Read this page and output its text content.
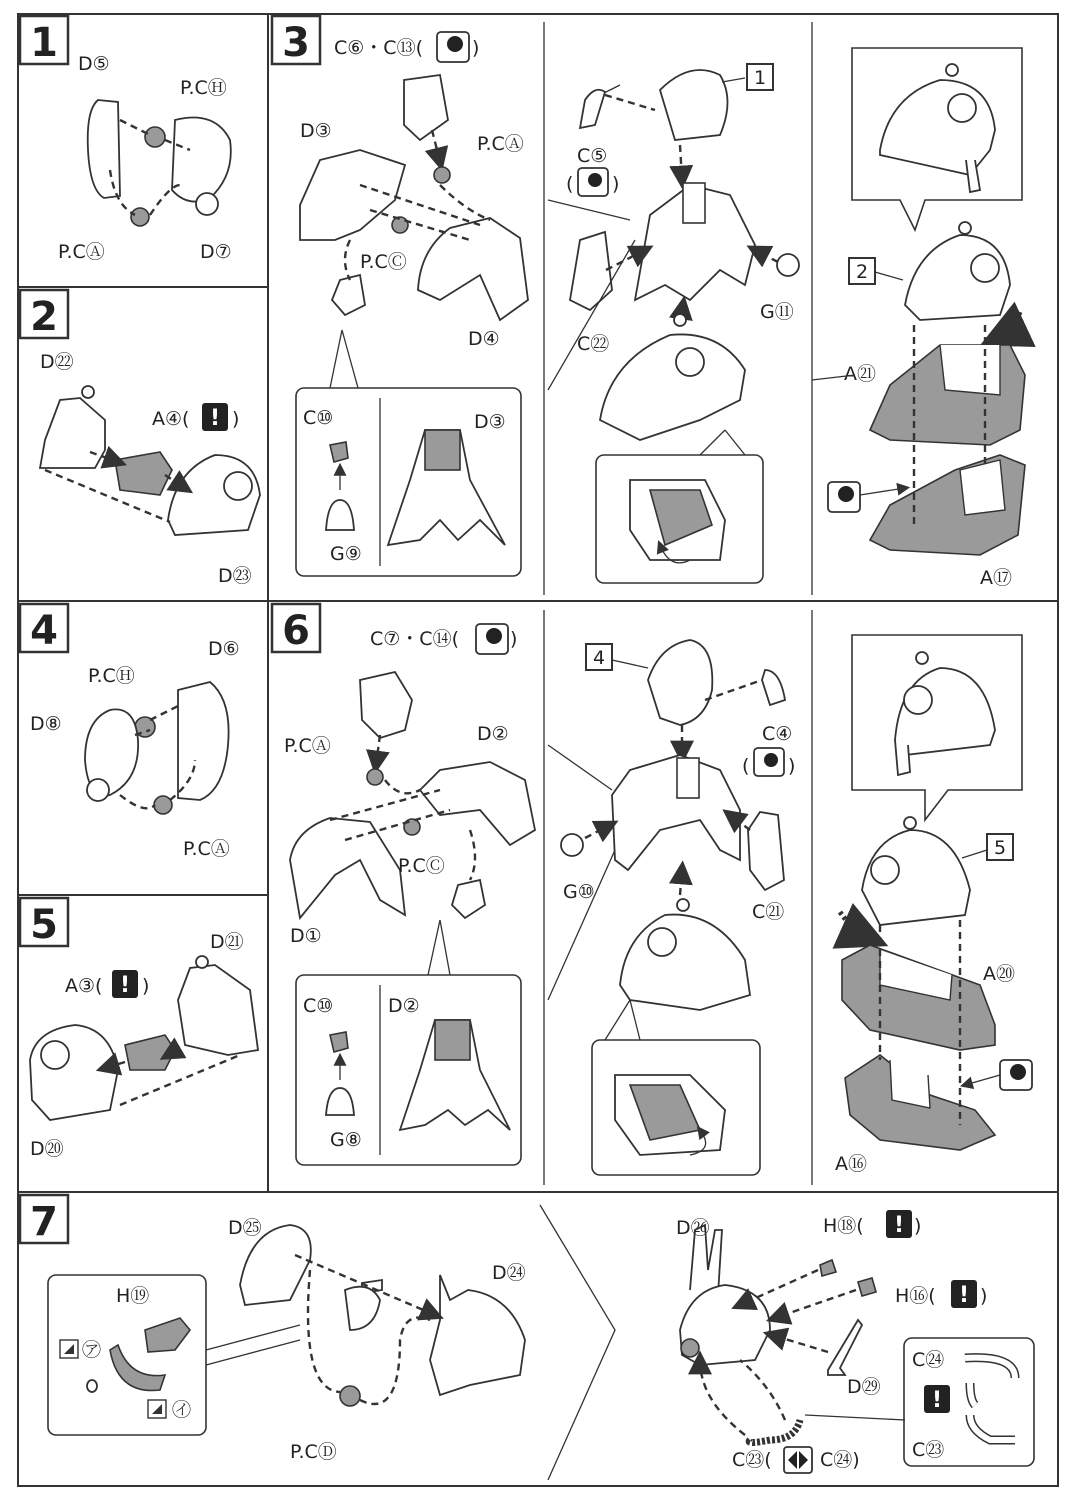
1 D⑤
P.CⒽ
P.CⒶ	D⑦
2
D㉒
A④( ! )
D㉓
3 C⑥・C⑬(	)
D③
P.CⒶ
P.CⒸ
D④
C⑩
G⑨
D③
1
C⑤
( )
C㉒
G⑪
2
A㉑
A⑰
4	D⑥
P.CⒽ
D⑧
P.CⒶ
5	D㉑
A③( ! )
D⑳
6	C⑦・C⑭(	)
P.CⒶ
D②
D①
P.CⒸ
C⑩
G⑧
D②
4
C④
( )
G⑩
C㉑
5
A⑳
A⑯
7	D㉕
D㉔
P.CⒹ
H⑲
㋐
㋑
D㉖	H⑱( ! )
H⑯( ! )
D㉙
C㉓(	C㉔)
C㉔
!
C㉓
